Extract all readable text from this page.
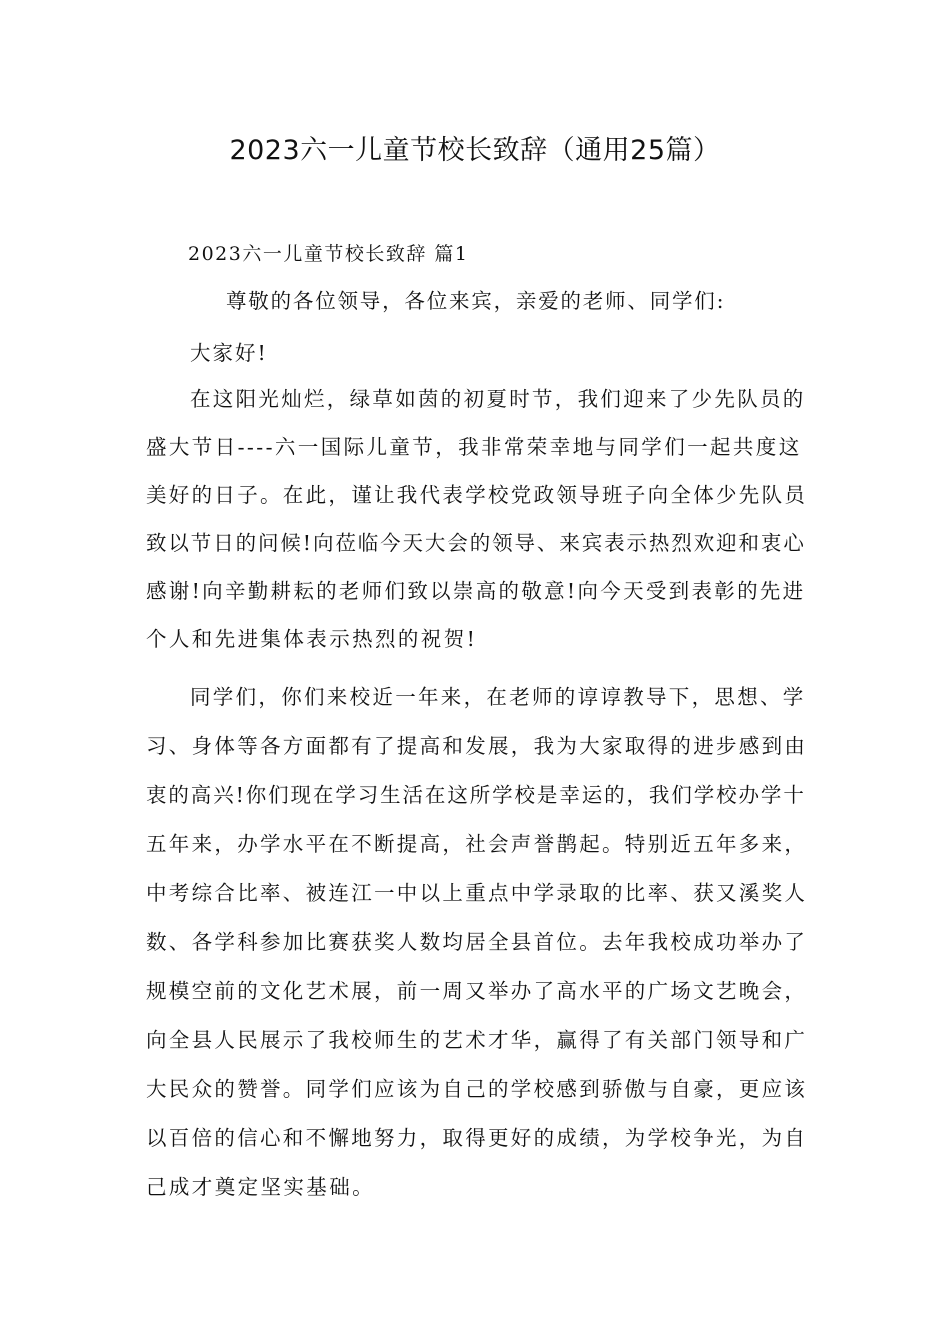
2023六一儿童节校长致辞（通用25篇）
2023六一儿童节校长致辞 篇1
尊敬的各位领导，各位来宾，亲爱的老师、同学们:
大家好!
在这阳光灿烂，绿草如茵的初夏时节，我们迎来了少先队员的
盛大节日----六一国际儿童节，我非常荣幸地与同学们一起共度这
美好的日子。在此，谨让我代表学校党政领导班子向全体少先队员
致以节日的问候!向莅临今天大会的领导、来宾表示热烈欢迎和衷心
感谢!向辛勤耕耘的老师们致以崇高的敬意!向今天受到表彰的先进
个人和先进集体表示热烈的祝贺!
同学们，你们来校近一年来，在老师的谆谆教导下，思想、学
习、身体等各方面都有了提高和发展，我为大家取得的进步感到由
衷的高兴!你们现在学习生活在这所学校是幸运的，我们学校办学十
五年来，办学水平在不断提高，社会声誉鹊起。特别近五年多来，
中考综合比率、被连江一中以上重点中学录取的比率、获又溪奖人
数、各学科参加比赛获奖人数均居全县首位。去年我校成功举办了
规模空前的文化艺术展，前一周又举办了高水平的广场文艺晚会，
向全县人民展示了我校师生的艺术才华，赢得了有关部门领导和广
大民众的赞誉。同学们应该为自己的学校感到骄傲与自豪，更应该
以百倍的信心和不懈地努力，取得更好的成绩，为学校争光，为自
己成才奠定坚实基础。
